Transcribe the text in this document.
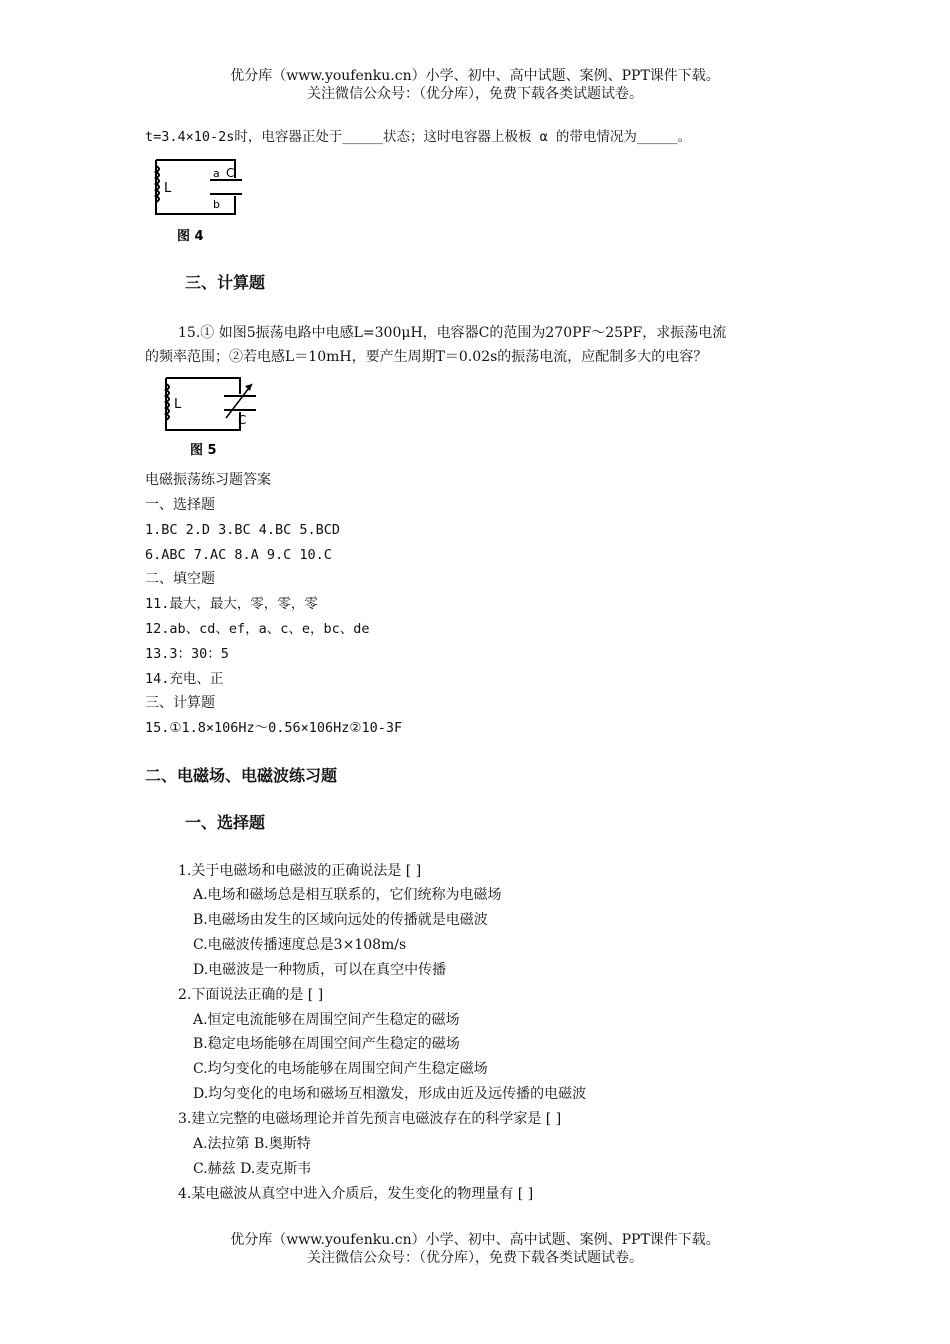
优分库（www.youfenku.cn）小学、初中、高中试题、案例、PPT课件下载。
关注微信公众号：（优分库），免费下载各类试题试卷。
t=3.4×10-2s时，电容器正处于_____状态；这时电容器上极板 α 的带电情况为_____。
L
a C
b
图 4
三、计算题
15.① 如图5振荡电路中电感L=300μH，电容器C的范围为270PF～25PF，求振荡电流
的频率范围；②若电感L＝10mH，要产生周期T＝0.02s的振荡电流，应配制多大的电容？
L
C
图 5
电磁振荡练习题答案
一、选择题
1.BC 2.D 3.BC 4.BC 5.BCD
6.ABC 7.AC 8.A 9.C 10.C
二、填空题
11.最大，最大，零，零，零
12.ab、cd、ef，a、c、e，bc、de
13.3：30：5
14.充电、正
三、计算题
15.①1.8×106Hz～0.56×106Hz②10-3F
二、电磁场、电磁波练习题
一、选择题
1.关于电磁场和电磁波的正确说法是 [ ]
A.电场和磁场总是相互联系的，它们统称为电磁场
B.电磁场由发生的区域向远处的传播就是电磁波
C.电磁波传播速度总是3×108m/s
D.电磁波是一种物质，可以在真空中传播
2.下面说法正确的是 [ ]
A.恒定电流能够在周围空间产生稳定的磁场
B.稳定电场能够在周围空间产生稳定的磁场
C.均匀变化的电场能够在周围空间产生稳定磁场
D.均匀变化的电场和磁场互相激发，形成由近及远传播的电磁波
3.建立完整的电磁场理论并首先预言电磁波存在的科学家是 [ ]
A.法拉第 B.奥斯特
C.赫兹 D.麦克斯韦
4.某电磁波从真空中进入介质后，发生变化的物理量有 [ ]
优分库（www.youfenku.cn）小学、初中、高中试题、案例、PPT课件下载。
关注微信公众号：（优分库），免费下载各类试题试卷。
